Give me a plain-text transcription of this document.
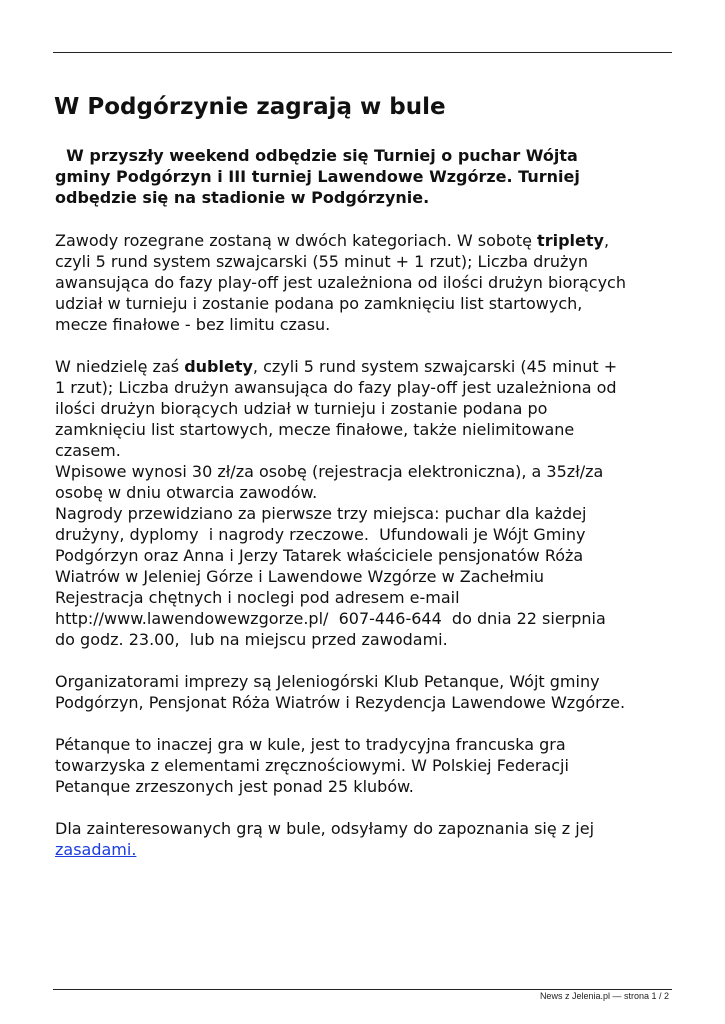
W Podgórzynie zagrają w bule
W przyszły weekend odbędzie się Turniej o puchar Wójta
gminy Podgórzyn i III turniej Lawendowe Wzgórze. Turniej
odbędzie się na stadionie w Podgórzynie.
Zawody rozegrane zostaną w dwóch kategoriach. W sobotę triplety,
czyli 5 rund system szwajcarski (55 minut + 1 rzut); Liczba drużyn
awansująca do fazy play-off jest uzależniona od ilości drużyn biorących
udział w turnieju i zostanie podana po zamknięciu list startowych,
mecze finałowe - bez limitu czasu.
W niedzielę zaś dublety, czyli 5 rund system szwajcarski (45 minut +
1 rzut); Liczba drużyn awansująca do fazy play-off jest uzależniona od
ilości drużyn biorących udział w turnieju i zostanie podana po
zamknięciu list startowych, mecze finałowe, także nielimitowane
czasem.
Wpisowe wynosi 30 zł/za osobę (rejestracja elektroniczna), a 35zł/za
osobę w dniu otwarcia zawodów.
Nagrody przewidziano za pierwsze trzy miejsca: puchar dla każdej
drużyny, dyplomy  i nagrody rzeczowe.  Ufundowali je Wójt Gminy
Podgórzyn oraz Anna i Jerzy Tatarek właściciele pensjonatów Róża
Wiatrów w Jeleniej Górze i Lawendowe Wzgórze w Zachełmiu
Rejestracja chętnych i noclegi pod adresem e-mail
http://www.lawendowewzgorze.pl/  607-446-644  do dnia 22 sierpnia
do godz. 23.00,  lub na miejscu przed zawodami.
Organizatorami imprezy są Jeleniogórski Klub Petanque, Wójt gminy
Podgórzyn, Pensjonat Róża Wiatrów i Rezydencja Lawendowe Wzgórze.
Pétanque to inaczej gra w kule, jest to tradycyjna francuska gra
towarzyska z elementami zręcznościowymi. W Polskiej Federacji
Petanque zrzeszonych jest ponad 25 klubów.
Dla zainteresowanych grą w bule, odsyłamy do zapoznania się z jej
zasadami.
News z Jelenia.pl — strona 1 / 2
